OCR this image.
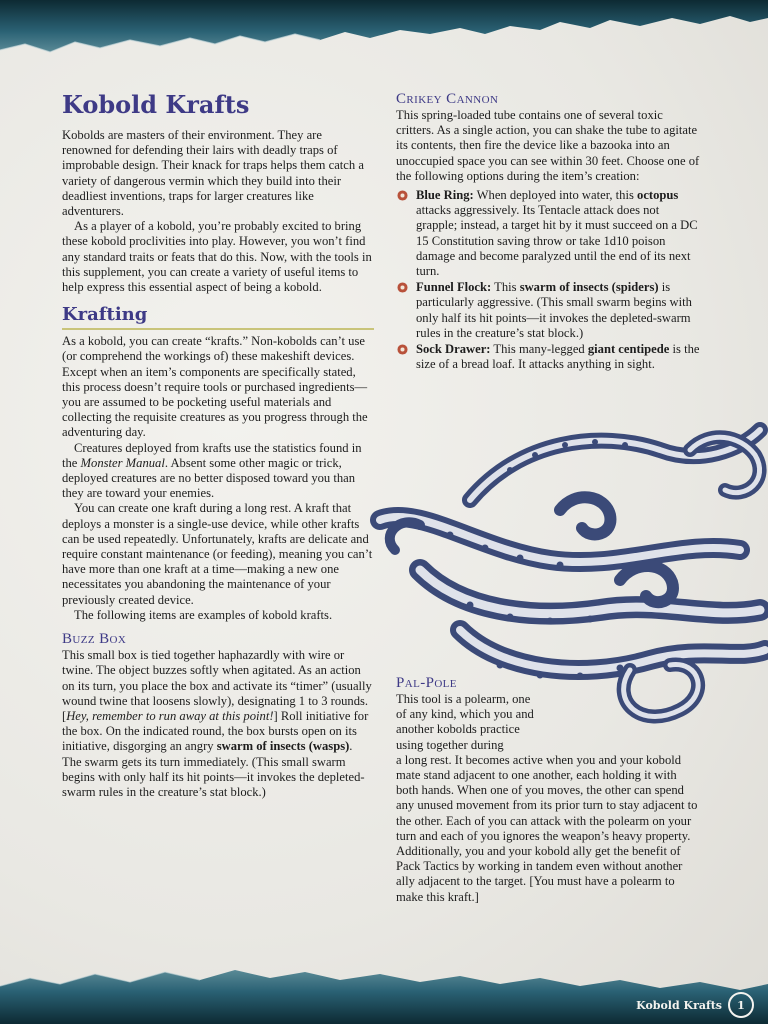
Kobold Krafts

Kobolds are masters of their environment. They are renowned for defending their lairs with deadly traps of improbable design. Their knack for traps helps them catch a variety of dangerous vermin which they build into their deadliest inventions, traps for larger creatures like adventurers.

As a player of a kobold, you’re probably excited to bring these kobold proclivities into play. However, you won’t find any standard traits or feats that do this. Now, with the tools in this supplement, you can create a variety of useful items to help express this essential aspect of being a kobold.

Krafting

As a kobold, you can create “krafts.” Non-kobolds can’t use (or comprehend the workings of) these makeshift devices. Except when an item’s components are specifically stated, this process doesn’t require tools or purchased ingredients—you are assumed to be pocketing useful materials and collecting the requisite creatures as you progress through the adventuring day.

Creatures deployed from krafts use the statistics found in the Monster Manual. Absent some other magic or trick, deployed creatures are no better disposed toward you than they are toward your enemies.

You can create one kraft during a long rest. A kraft that deploys a monster is a single-use device, while other krafts can be used repeatedly. Unfortunately, krafts are delicate and require constant maintenance (or feeding), meaning you can’t have more than one kraft at a time—making a new one necessitates you abandoning the maintenance of your previously created device.

The following items are examples of kobold krafts.

Buzz Box

This small box is tied together haphazardly with wire or twine. The object buzzes softly when agitated. As an action on its turn, you place the box and activate its “timer” (usually wound twine that loosens slowly), designating 1 to 3 rounds. [Hey, remember to run away at this point!] Roll initiative for the box. On the indicated round, the box bursts open on its initiative, disgorging an angry swarm of insects (wasps). The swarm gets its turn immediately. (This small swarm begins with only half its hit points—it invokes the depleted-swarm rules in the creature’s stat block.)

Crikey Cannon

This spring-loaded tube contains one of several toxic critters. As a single action, you can shake the tube to agitate its contents, then fire the device like a bazooka into an unoccupied space you can see within 30 feet. Choose one of the following options during the item’s creation:

Blue Ring: When deployed into water, this octopus attacks aggressively. Its Tentacle attack does not grapple; instead, a target hit by it must succeed on a DC 15 Constitution saving throw or take 1d10 poison damage and become paralyzed until the end of its next turn.
Funnel Flock: This swarm of insects (spiders) is particularly aggressive. (This small swarm begins with only half its hit points—it invokes the depleted-swarm rules in the creature’s stat block.)
Sock Drawer: This many-legged giant centipede is the size of a bread loaf. It attacks anything in sight.
Pal-Pole
This tool is a polearm, one
of any kind, which you and
another kobolds practice
using together during

a long rest. It becomes active when you and your kobold mate stand adjacent to one another, each holding it with both hands. When one of you moves, the other can spend any unused movement from its prior turn to stay adjacent to the other. Each of you can attack with the polearm on your turn and each of you ignores the weapon’s heavy property. Additionally, you and your kobold ally get the benefit of Pack Tactics by working in tandem even without another ally adjacent to the target. [You must have a polearm to make this kraft.]

Kobold Krafts	1
